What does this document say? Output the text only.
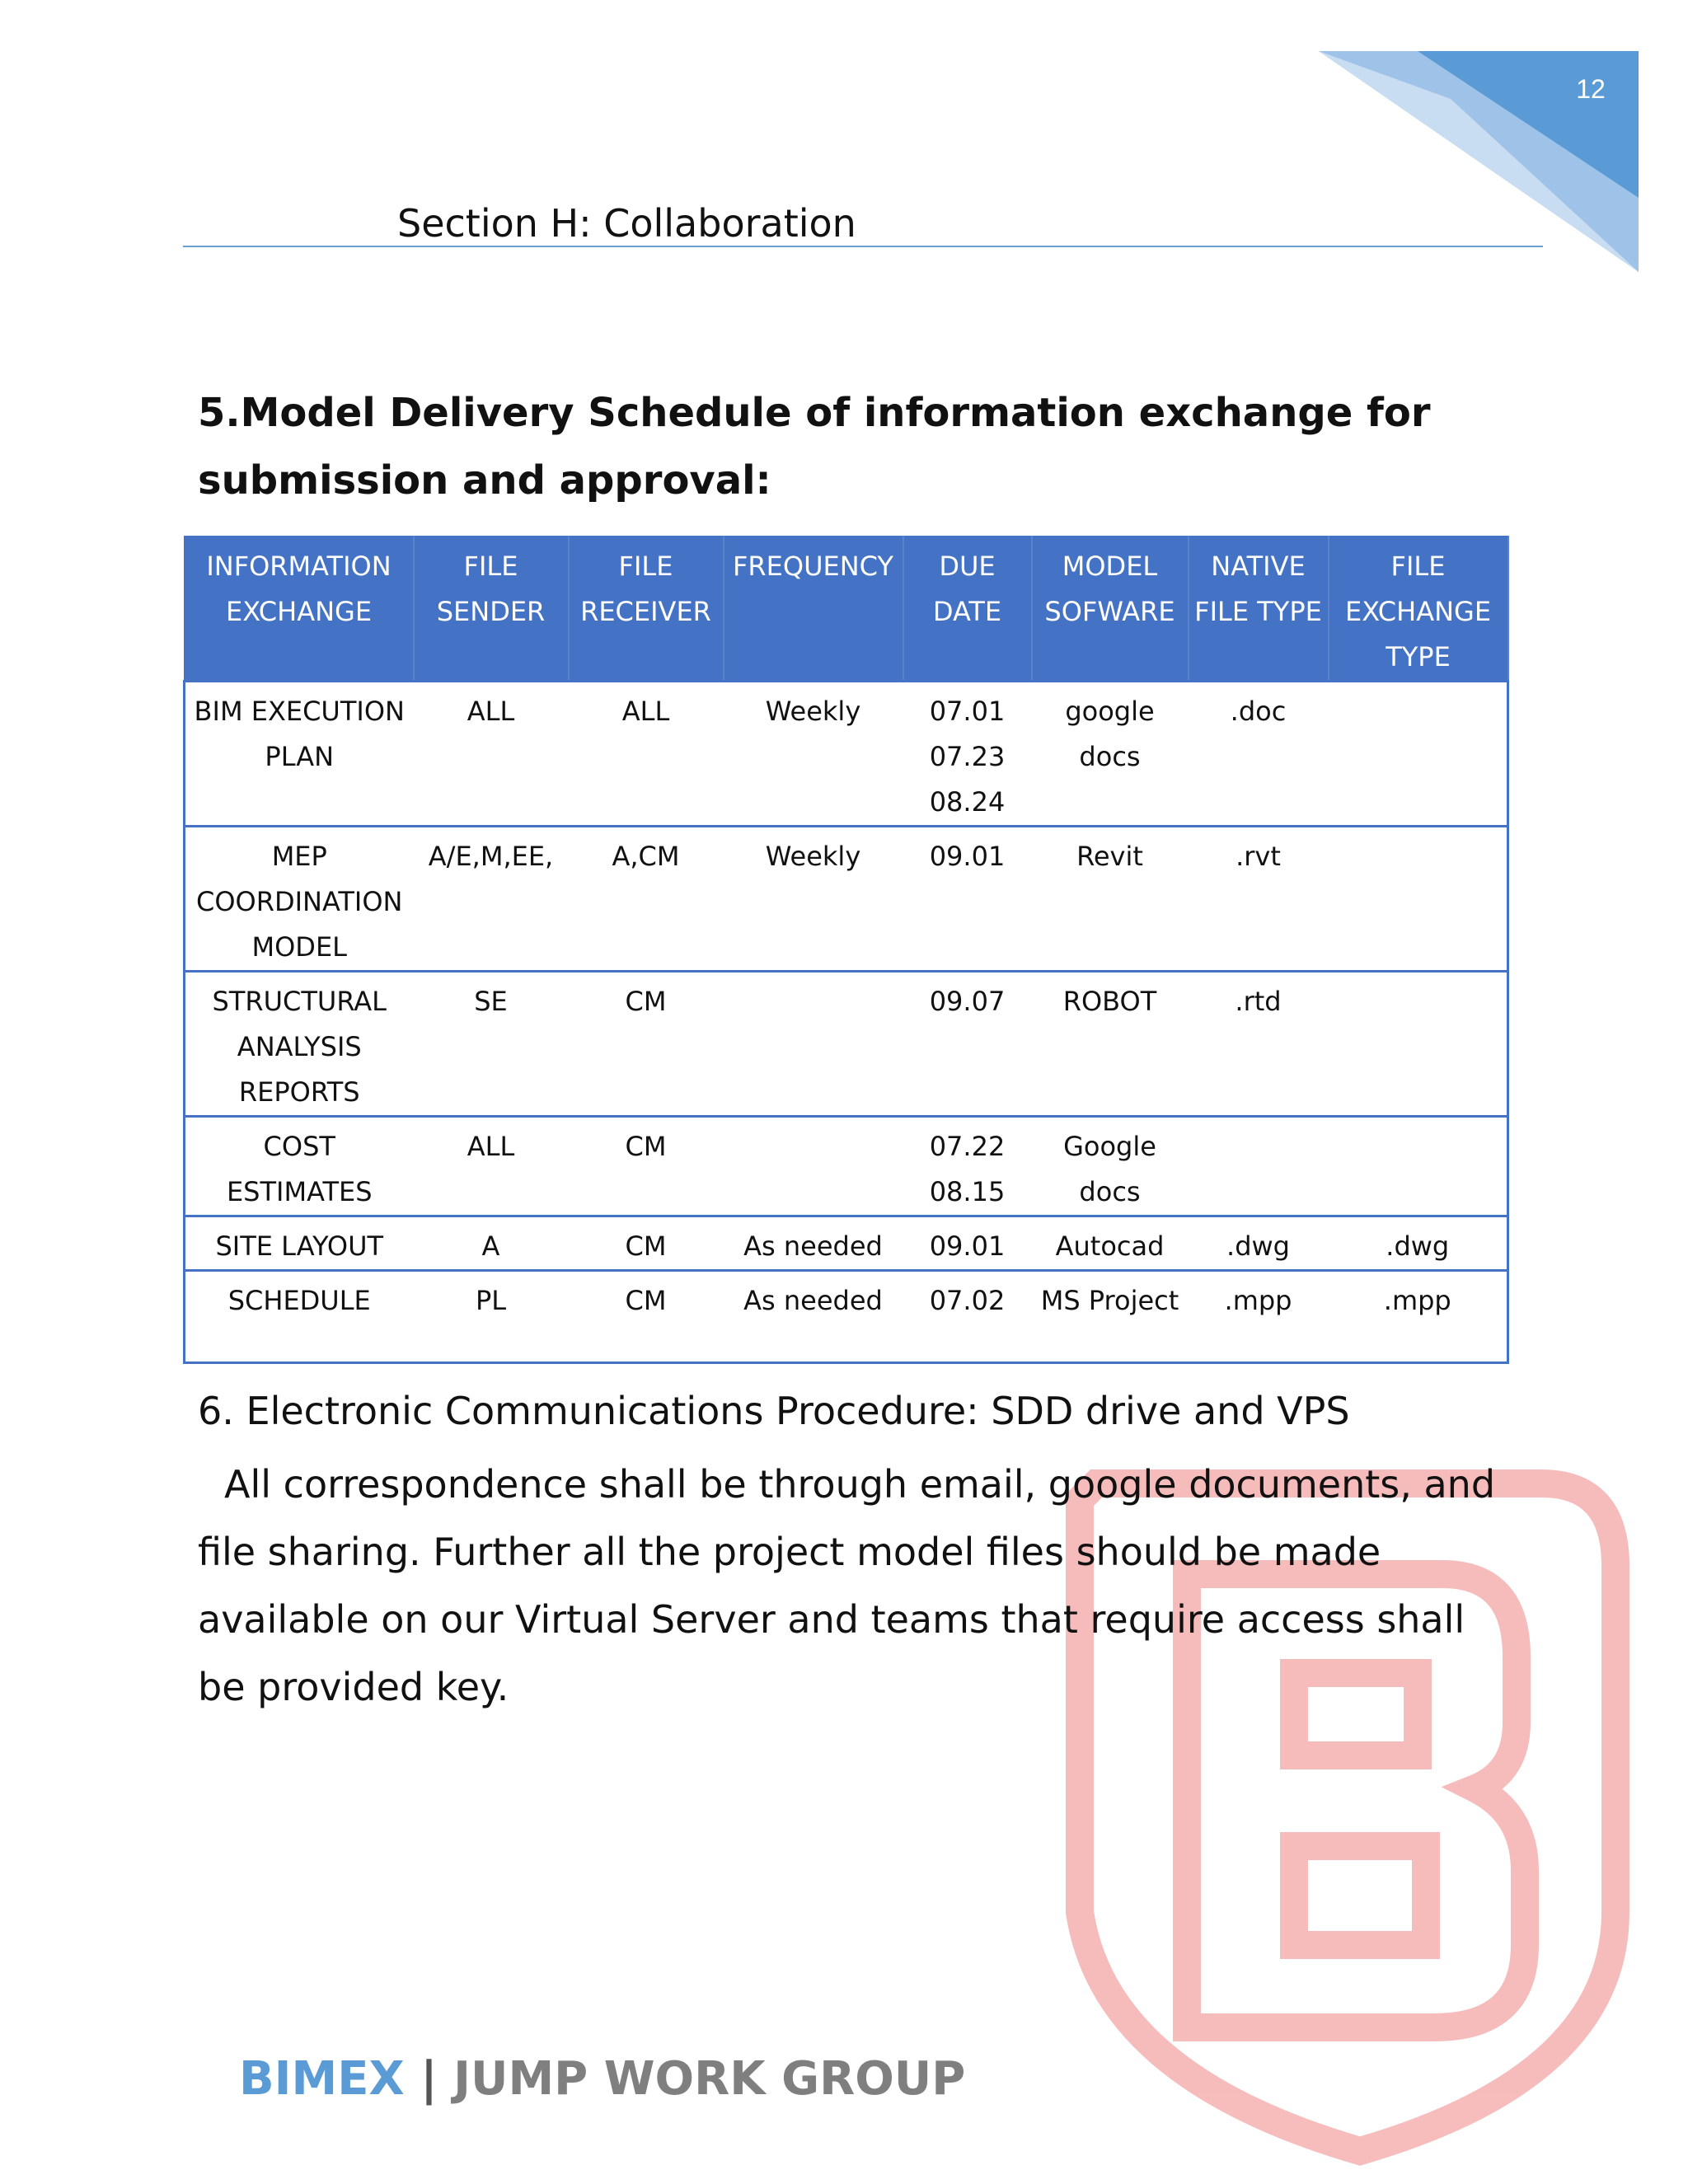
12
Section H: Collaboration
5.Model Delivery Schedule of information exchange for submission and approval:
INFORMATION EXCHANGE	FILE SENDER	FILE RECEIVER	FREQUENCY	DUE DATE	MODEL SOFWARE	NATIVE FILE TYPE	FILE EXCHANGE TYPE
BIM EXECUTION PLAN	ALL	ALL	Weekly	07.01 07.23 08.24	google docs	.doc	
MEP COORDINATION MODEL	A/E,M,EE,	A,CM	Weekly	09.01	Revit	.rvt	
STRUCTURAL ANALYSIS REPORTS	SE	CM		09.07	ROBOT	.rtd	
COST ESTIMATES	ALL	CM		07.22 08.15	Google docs		
SITE LAYOUT	A	CM	As needed	09.01	Autocad	.dwg	.dwg
SCHEDULE	PL	CM	As needed	07.02	MS Project	.mpp	.mpp
6. Electronic Communications Procedure: SDD drive and VPS
All correspondence shall be through email, google documents, and file sharing. Further all the project model files should be made available on our Virtual Server and teams that require access shall be provided key.
BIMEX | JUMP WORK GROUP
